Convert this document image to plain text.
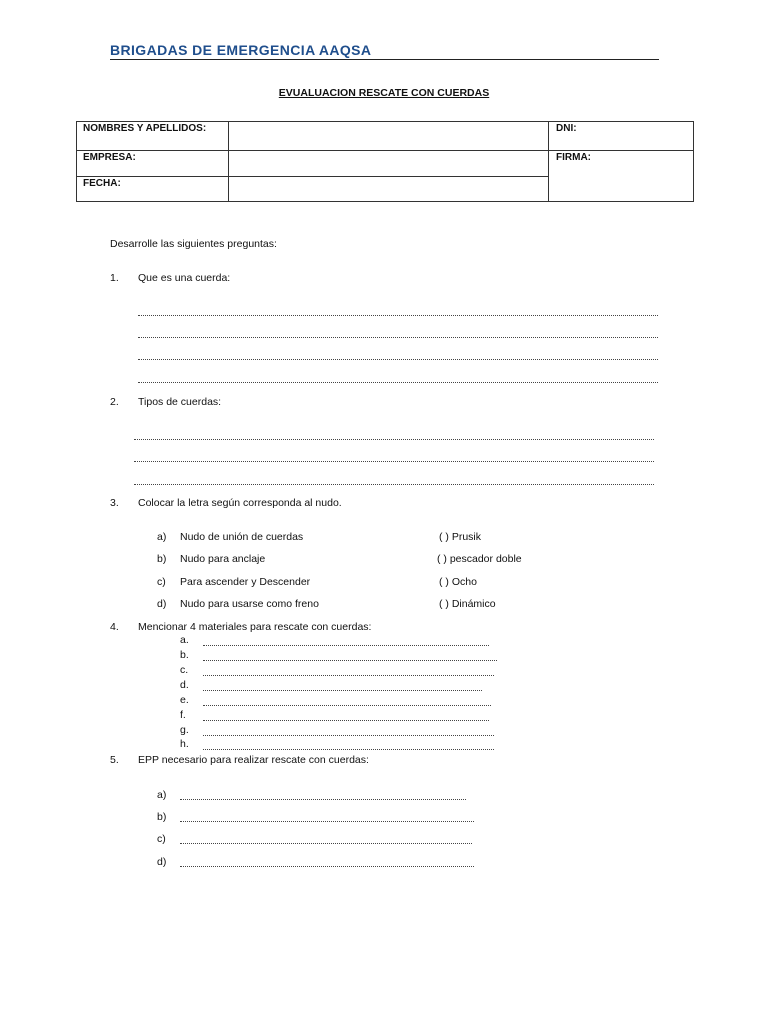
BRIGADAS DE EMERGENCIA AAQSA
EVUALUACION RESCATE CON CUERDAS
NOMBRES Y APELLIDOS:	DNI:
EMPRESA:	FIRMA:
FECHA:
Desarrolle las siguientes preguntas:
1. Que es una cuerda:
2. Tipos de cuerdas:
3. Colocar la letra según corresponda al nudo.
a) Nudo de unión de cuerdas	( ) Prusik
b) Nudo para anclaje	( ) pescador doble
c) Para ascender y Descender	( ) Ocho
d) Nudo para usarse como freno	( ) Dinámico
4. Mencionar 4 materiales para rescate con cuerdas:
a.
b.
c.
d.
e.
f.
g.
h.
5. EPP necesario para realizar rescate con cuerdas:
a)
b)
c)
d)
